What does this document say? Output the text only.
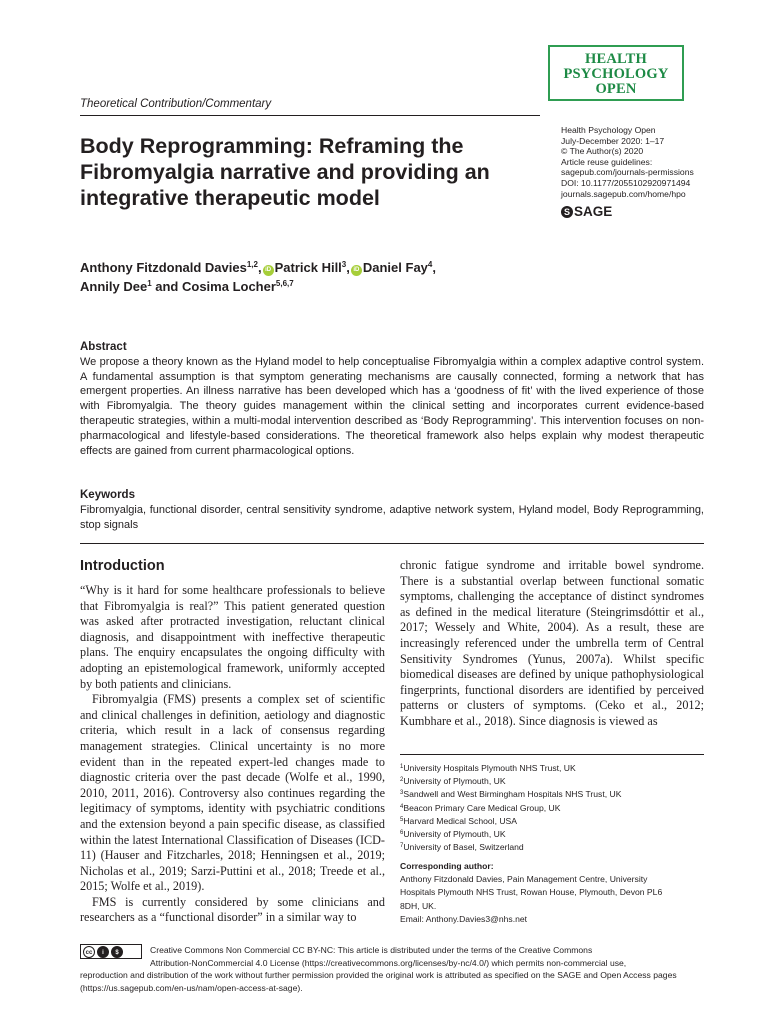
HEALTH
PSYCHOLOGY
OPEN
Theoretical Contribution/Commentary
Body Reprogramming: Reframing the Fibromyalgia narrative and providing an integrative therapeutic model
Health Psychology Open
July-December 2020: 1–17
© The Author(s) 2020
Article reuse guidelines:
sagepub.com/journals-permissions
DOI: 10.1177/2055102920971494
journals.sagepub.com/home/hpo
S SAGE
Anthony Fitzdonald Davies$^{1,2}$, iD Patrick Hill$^3$, iD Daniel Fay$^4$,
Annily Dee$^1$ and Cosima Locher$^{5,6,7}$
Abstract

We propose a theory known as the Hyland model to help conceptualise Fibromyalgia within a complex adaptive control system. A fundamental assumption is that symptom generating mechanisms are causally connected, forming a network that has emergent properties. An illness narrative has been developed which has a ‘goodness of fit’ with the lived experience of those with Fibromyalgia. The theory guides management within the clinical setting and incorporates current evidence-based therapeutic strategies, within a multi-modal intervention described as ‘Body Reprogramming’. This intervention focuses on non-pharmacological and lifestyle-based considerations. The theoretical framework also helps explain why modest therapeutic effects are gained from current pharmacological options.

Keywords

Fibromyalgia, functional disorder, central sensitivity syndrome, adaptive network system, Hyland model, Body Reprogramming, stop signals

Introduction

“Why is it hard for some healthcare professionals to believe that Fibromyalgia is real?” This patient generated question was asked after protracted investigation, reluctant clinical diagnosis, and disappointment with ineffective therapeutic plans. The enquiry encapsulates the ongoing difficulty with adopting an epistemological framework, uniformly accepted by both patients and clinicians.

Fibromyalgia (FMS) presents a complex set of scientific and clinical challenges in definition, aetiology and diagnostic criteria, which result in a lack of consensus regarding management strategies. Clinical uncertainty is no more evident than in the repeated expert-led changes made to diagnostic criteria over the past decade (Wolfe et al., 1990, 2010, 2011, 2016). Controversy also continues regarding the legitimacy of symptoms, identity with psychiatric conditions and the extension beyond a pain specific disease, as classified within the latest International Classification of Diseases (ICD-11) (Hauser and Fitzcharles, 2018; Henningsen et al., 2019; Nicholas et al., 2019; Sarzi-Puttini et al., 2018; Treede et al., 2015; Wolfe et al., 2019).

FMS is currently considered by some clinicians and researchers as a “functional disorder” in a similar way to

chronic fatigue syndrome and irritable bowel syndrome. There is a substantial overlap between functional somatic symptoms, challenging the acceptance of distinct syndromes as defined in the medical literature (Steingrimsdóttir et al., 2017; Wessely and White, 2004). As a result, these are increasingly referenced under the umbrella term of Central Sensitivity Syndromes (Yunus, 2007a). Whilst specific biomedical diseases are defined by unique pathophysiological fingerprints, functional disorders are identified by perceived patterns or clusters of symptoms. (Ceko et al., 2012; Kumbhare et al., 2018). Since diagnosis is viewed as

$^1$University Hospitals Plymouth NHS Trust, UK
$^2$University of Plymouth, UK
$^3$Sandwell and West Birmingham Hospitals NHS Trust, UK
$^4$Beacon Primary Care Medical Group, UK
$^5$Harvard Medical School, USA
$^6$University of Plymouth, UK
$^7$University of Basel, Switzerland
Corresponding author:
Anthony Fitzdonald Davies, Pain Management Centre, University
Hospitals Plymouth NHS Trust, Rowan House, Plymouth, Devon PL6
8DH, UK.
Email: Anthony.Davies3@nhs.net
cc	i	$	Creative Commons Non Commercial CC BY-NC: This article is distributed under the terms of the Creative Commons
Attribution-NonCommercial 4.0 License (https://creativecommons.org/licenses/by-nc/4.0/) which permits non-commercial use,
reproduction and distribution of the work without further permission provided the original work is attributed as specified on the SAGE and Open Access pages (https://us.sagepub.com/en-us/nam/open-access-at-sage).
